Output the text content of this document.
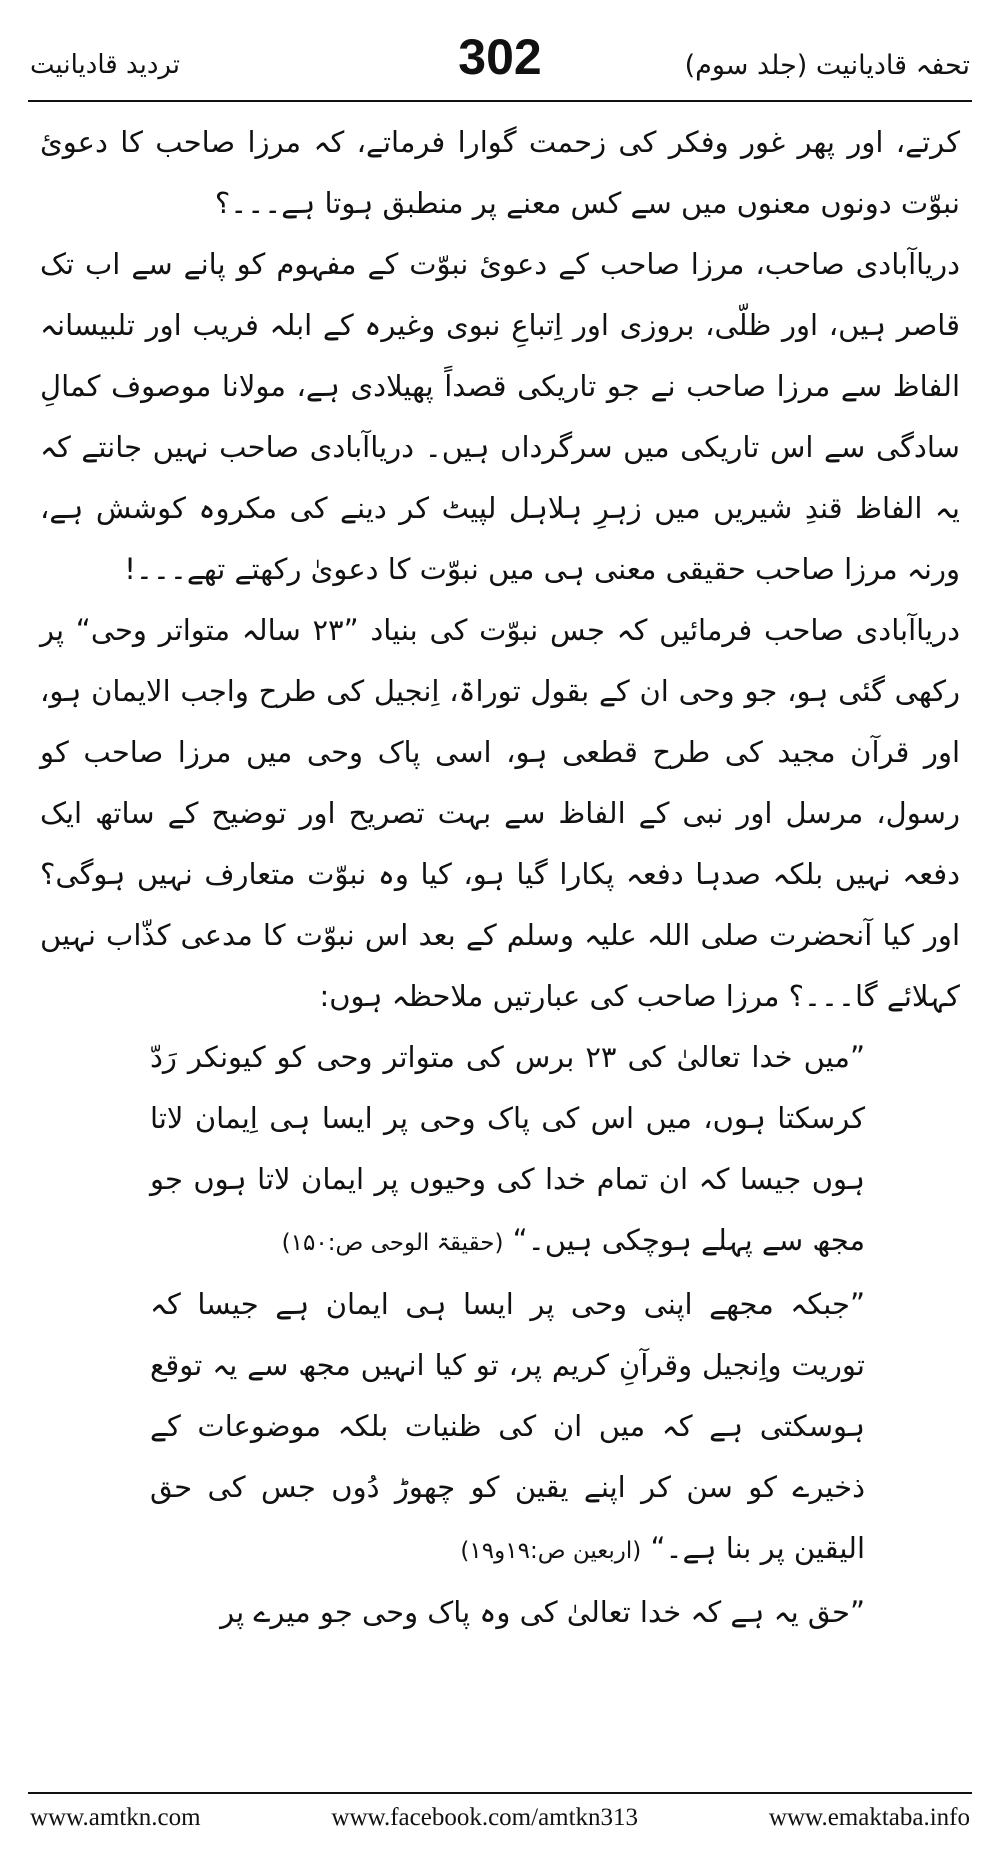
تردید قادیانیت	302	تحفہ قادیانیت (جلد سوم)

کرتے، اور پھر غور وفکر کی زحمت گوارا فرماتے، کہ مرزا صاحب کا دعویٔ نبوّت دونوں معنوں میں سے کس معنے پر منطبق ہوتا ہے۔۔۔؟

دریاآبادی صاحب، مرزا صاحب کے دعویٔ نبوّت کے مفہوم کو پانے سے اب تک قاصر ہیں، اور ظلّی، بروزی اور اِتباعِ نبوی وغیرہ کے ابلہ فریب اور تلبیسانہ الفاظ سے مرزا صاحب نے جو تاریکی قصداً پھیلادی ہے، مولانا موصوف کمالِ سادگی سے اس تاریکی میں سرگرداں ہیں۔ دریاآبادی صاحب نہیں جانتے کہ یہ الفاظ قندِ شیریں میں زہرِ ہلاہل لپیٹ کر دینے کی مکروہ کوشش ہے، ورنہ مرزا صاحب حقیقی معنی ہی میں نبوّت کا دعویٰ رکھتے تھے۔۔۔!

دریاآبادی صاحب فرمائیں کہ جس نبوّت کی بنیاد ”۲۳ سالہ متواتر وحی“ پر رکھی گئی ہو، جو وحی ان کے بقول توراۃ، اِنجیل کی طرح واجب الایمان ہو، اور قرآن مجید کی طرح قطعی ہو، اسی پاک وحی میں مرزا صاحب کو رسول، مرسل اور نبی کے الفاظ سے بہت تصریح اور توضیح کے ساتھ ایک دفعہ نہیں بلکہ صدہا دفعہ پکارا گیا ہو، کیا وہ نبوّت متعارف نہیں ہوگی؟ اور کیا آنحضرت صلی اللہ علیہ وسلم کے بعد اس نبوّت کا مدعی کذّاب نہیں کہلائے گا۔۔۔؟ مرزا صاحب کی عبارتیں ملاحظہ ہوں:

”میں خدا تعالیٰ کی ۲۳ برس کی متواتر وحی کو کیونکر رَدّ کرسکتا ہوں، میں اس کی پاک وحی پر ایسا ہی اِیمان لاتا ہوں جیسا کہ ان تمام خدا کی وحیوں پر ایمان لاتا ہوں جو مجھ سے پہلے ہوچکی ہیں۔“ (حقیقۃ الوحی ص:۱۵۰)

”جبکہ مجھے اپنی وحی پر ایسا ہی ایمان ہے جیسا کہ توریت واِنجیل وقرآنِ کریم پر، تو کیا انہیں مجھ سے یہ توقع ہوسکتی ہے کہ میں ان کی ظنیات بلکہ موضوعات کے ذخیرے کو سن کر اپنے یقین کو چھوڑ دُوں جس کی حق الیقین پر بنا ہے۔“ (اربعین ص:۱۹و۱۹)

”حق یہ ہے کہ خدا تعالیٰ کی وہ پاک وحی جو میرے پر

www.amtkn.com	www.facebook.com/amtkn313	www.emaktaba.info
